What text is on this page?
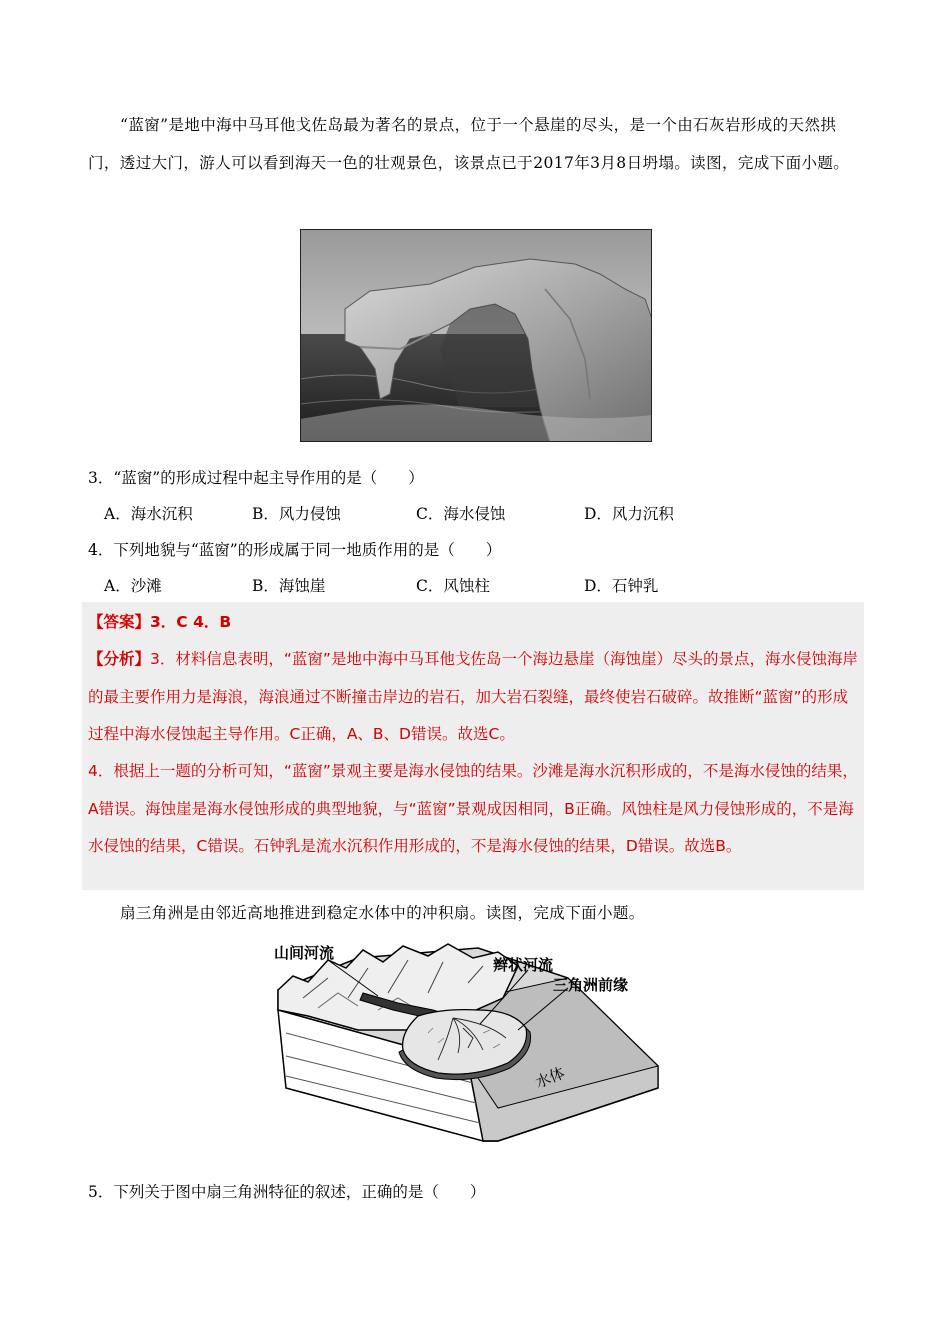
“蓝窗”是地中海中马耳他戈佐岛最为著名的景点，位于一个悬崖的尽头，是一个由石灰岩形成的天然拱门，透过大门，游人可以看到海天一色的壮观景色，该景点已于2017年3月8日坍塌。读图，完成下面小题。
3．“蓝窗”的形成过程中起主导作用的是（　　）
A．海水沉积	B．风力侵蚀	C．海水侵蚀	D．风力沉积
4．下列地貌与“蓝窗”的形成属于同一地质作用的是（　　）
A．沙滩	B．海蚀崖	C．风蚀柱	D．石钟乳
【答案】3．C 4．B
【分析】3．材料信息表明，“蓝窗”是地中海中马耳他戈佐岛一个海边悬崖（海蚀崖）尽头的景点，海水侵蚀海岸的最主要作用力是海浪，海浪通过不断撞击岸边的岩石，加大岩石裂缝，最终使岩石破碎。故推断“蓝窗”的形成过程中海水侵蚀起主导作用。C正确，A、B、D错误。故选C。
4．根据上一题的分析可知，“蓝窗”景观主要是海水侵蚀的结果。沙滩是海水沉积形成的，不是海水侵蚀的结果，A错误。海蚀崖是海水侵蚀形成的典型地貌，与“蓝窗”景观成因相同，B正确。风蚀柱是风力侵蚀形成的，不是海水侵蚀的结果，C错误。石钟乳是流水沉积作用形成的，不是海水侵蚀的结果，D错误。故选B。
扇三角洲是由邻近高地推进到稳定水体中的冲积扇。读图，完成下面小题。
山间河流
辫状河流
三角洲前缘
水体
5．下列关于图中扇三角洲特征的叙述，正确的是（　　）
